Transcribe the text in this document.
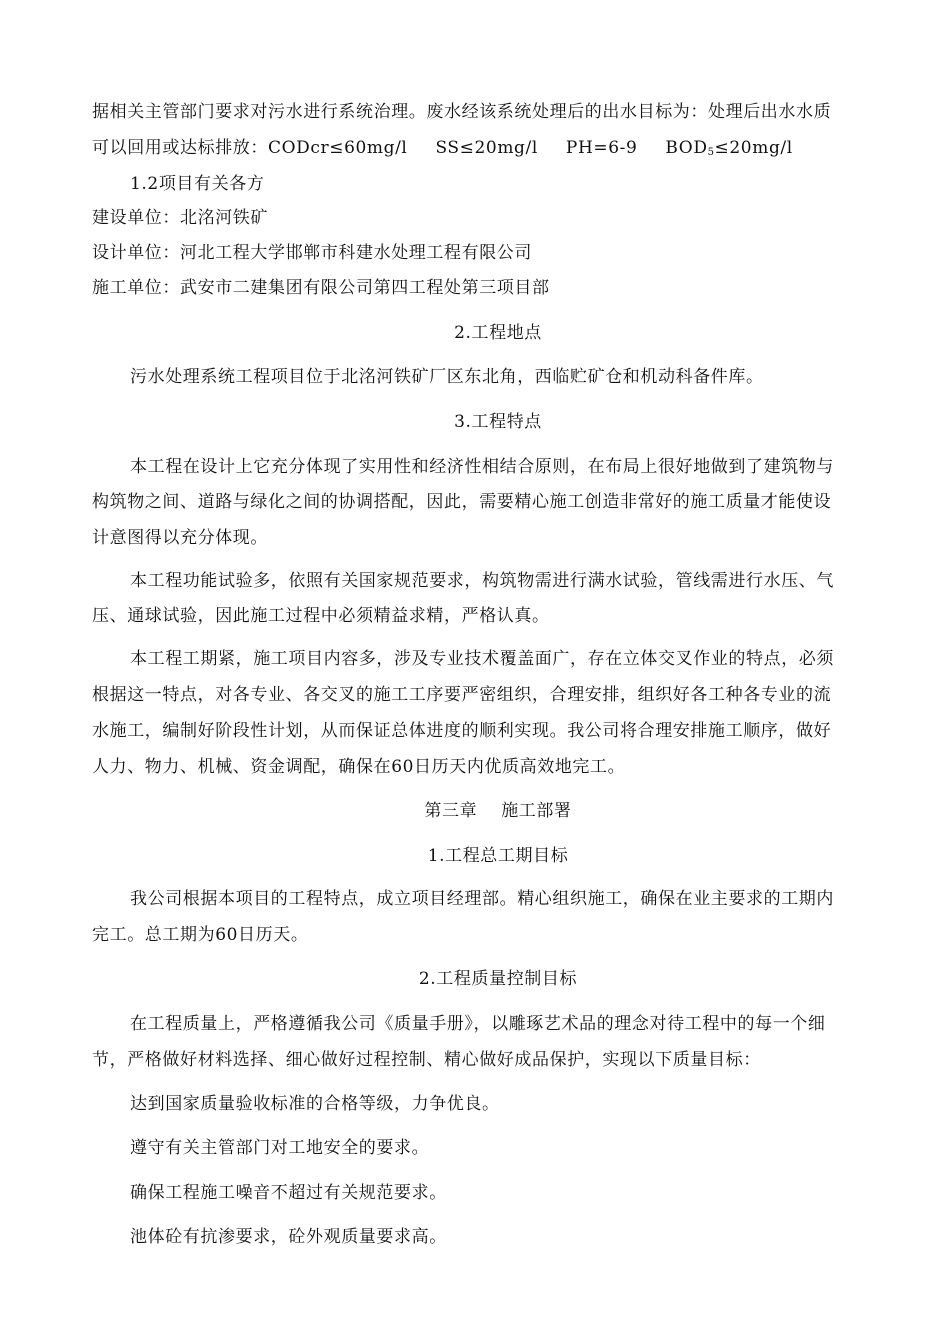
据相关主管部门要求对污水进行系统治理。废水经该系统处理后的出水目标为：处理后出水水质
可以回用或达标排放：CODcr≤60mg/l SS≤20mg/l PH=6-9 $BOD_5\le 20mg/l$
1.2项目有关各方
建设单位：北洺河铁矿
设计单位：河北工程大学邯郸市科建水处理工程有限公司
施工单位：武安市二建集团有限公司第四工程处第三项目部
2.工程地点
污水处理系统工程项目位于北洺河铁矿厂区东北角，西临贮矿仓和机动科备件库。
3.工程特点
本工程在设计上它充分体现了实用性和经济性相结合原则，在布局上很好地做到了建筑物与
构筑物之间、道路与绿化之间的协调搭配，因此，需要精心施工创造非常好的施工质量才能使设
计意图得以充分体现。
本工程功能试验多，依照有关国家规范要求，构筑物需进行满水试验，管线需进行水压、气
压、通球试验，因此施工过程中必须精益求精，严格认真。
本工程工期紧，施工项目内容多，涉及专业技术覆盖面广，存在立体交叉作业的特点，必须
根据这一特点，对各专业、各交叉的施工工序要严密组织，合理安排，组织好各工种各专业的流
水施工，编制好阶段性计划，从而保证总体进度的顺利实现。我公司将合理安排施工顺序，做好
人力、物力、机械、资金调配，确保在60日历天内优质高效地完工。
第三章 施工部署
1.工程总工期目标
我公司根据本项目的工程特点，成立项目经理部。精心组织施工，确保在业主要求的工期内
完工。总工期为60日历天。
2.工程质量控制目标
在工程质量上，严格遵循我公司《质量手册》，以雕琢艺术品的理念对待工程中的每一个细
节，严格做好材料选择、细心做好过程控制、精心做好成品保护，实现以下质量目标：
达到国家质量验收标准的合格等级，力争优良。
遵守有关主管部门对工地安全的要求。
确保工程施工噪音不超过有关规范要求。
池体砼有抗渗要求，砼外观质量要求高。
